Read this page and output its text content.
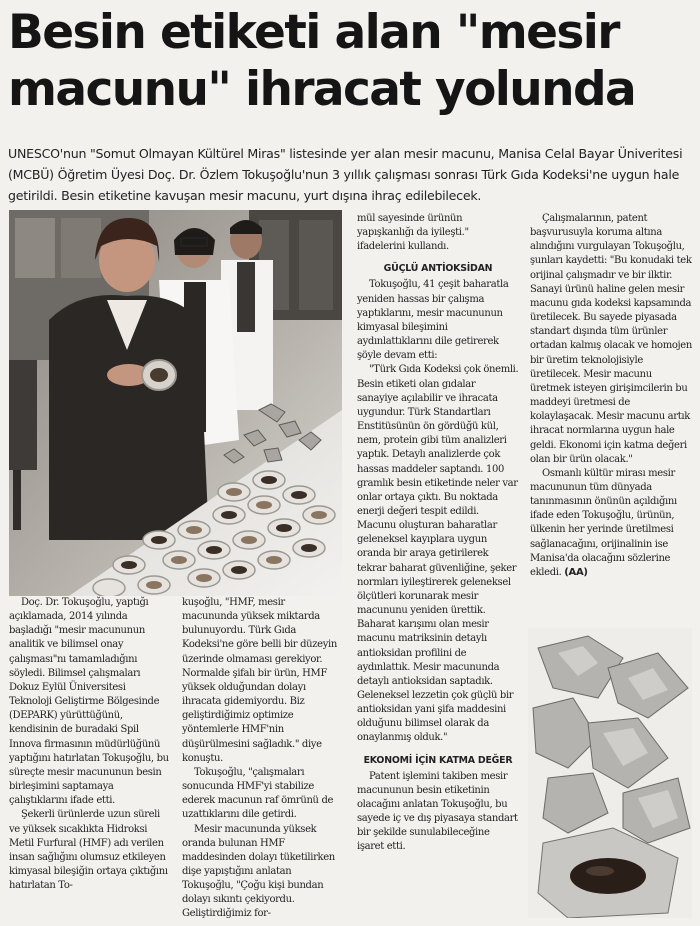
Besin etiketi alan "mesir
macunu" ihracat yolunda

UNESCO'nun "Somut Olmayan Kültürel Miras" listesinde yer alan mesir macunu, Manisa Celal Bayar Üniveritesi (MCBÜ) Öğretim Üyesi Doç. Dr. Özlem Tokuşoğlu'nun 3 yıllık çalışması sonrası Türk Gıda Kodeksi'ne uygun hale getirildi. Besin etiketine kavuşan mesir macunu, yurt dışına ihraç edilebilecek.

Doç. Dr. Tokuşoğlu, yaptığı açıklamada, 2014 yılında başladığı "mesir macununun analitik ve bilimsel onay çalışması"nı tamamladığını söyledi. Bilimsel çalışmaları Dokuz Eylül Üniversitesi Teknoloji Geliştirme Bölgesinde (DEPARK) yürüttüğünü, kendisinin de buradaki Spil Innova firmasının müdürlüğünü yaptığını hatırlatan Tokuşoğlu, bu süreçte mesir macununun besin birleşimini saptamaya çalıştıklarını ifade etti.

Şekerli ürünlerde uzun süreli ve yüksek sıcaklıkta Hidroksi Metil Furfural (HMF) adı verilen insan sağlığını olumsuz etkileyen kimyasal bileşiğin ortaya çıktığını hatırlatan To-

kuşoğlu, "HMF, mesir macununda yüksek miktarda bulunuyordu. Türk Gıda Kodeksi'ne göre belli bir düzeyin üzerinde olmaması gerekiyor. Normalde şifalı bir ürün, HMF yüksek olduğundan dolayı ihracata gidemiyordu. Biz geliştirdiğimiz optimize yöntemlerle HMF'nin düşürülmesini sağladık." diye konuştu.

Tokuşoğlu, "çalışmaları sonucunda HMF'yi stabilize ederek macunun raf ömrünü de uzattıklarını dile getirdi.

Mesir macununda yüksek oranda bulunan HMF maddesinden dolayı tüketilirken dişe yapıştığını anlatan Tokuşoğlu, "Çoğu kişi bundan dolayı sıkıntı çekiyordu. Geliştirdiğimiz for-

mül sayesinde ürünün yapışkanlığı da iyileşti." ifadelerini kullandı.

GÜÇLÜ ANTİOKSİDAN

Tokuşoğlu, 41 çeşit baharatla yeniden hassas bir çalışma yaptıklarını, mesir macununun kimyasal bileşimini aydınlattıklarını dile getirerek şöyle devam etti:

"Türk Gıda Kodeksi çok önemli. Besin etiketi olan gıdalar sanayiye açılabilir ve ihracata uygundur. Türk Standartları Enstitüsünün ön gördüğü kül, nem, protein gibi tüm analizleri yaptık. Detaylı analizlerde çok hassas maddeler saptandı. 100 gramlık besin etiketinde neler var onlar ortaya çıktı. Bu noktada enerji değeri tespit edildi. Macunu oluşturan baharatlar geleneksel kayıplara uygun oranda bir araya getirilerek tekrar baharat güvenliğine, şeker normları iyileştirerek geleneksel ölçütleri korunarak mesir macununu yeniden ürettik. Baharat karışımı olan mesir macunu matriksinin detaylı antioksidan profilini de aydınlattık. Mesir macununda detaylı antioksidan saptadık. Geleneksel lezzetin çok güçlü bir antioksidan yani şifa maddesini olduğunu bilimsel olarak da onaylanmış olduk."

EKONOMİ İÇİN KATMA DEĞER

Patent işlemini takiben mesir macununun besin etiketinin olacağını anlatan Tokuşoğlu, bu sayede iç ve dış piyasaya standart bir şekilde sunulabileceğine işaret etti.

Çalışmalarının, patent başvurusuyla koruma altına alındığını vurgulayan Tokuşoğlu, şunları kaydetti: "Bu konudaki tek orijinal çalışmadır ve bir ilktir. Sanayi ürünü haline gelen mesir macunu gıda kodeksi kapsamında üretilecek. Bu sayede piyasada standart dışında tüm ürünler ortadan kalmış olacak ve homojen bir üretim teknolojisiyle üretilecek. Mesir macunu üretmek isteyen girişimcilerin bu maddeyi üretmesi de kolaylaşacak. Mesir macunu artık ihracat normlarına uygun hale geldi. Ekonomi için katma değeri olan bir ürün olacak."

Osmanlı kültür mirası mesir macununun tüm dünyada tanınmasının önünün açıldığını ifade eden Tokuşoğlu, ürünün, ülkenin her yerinde üretilmesi sağlanacağını, orijinalinin ise Manisa'da olacağını sözlerine ekledi. (AA)
